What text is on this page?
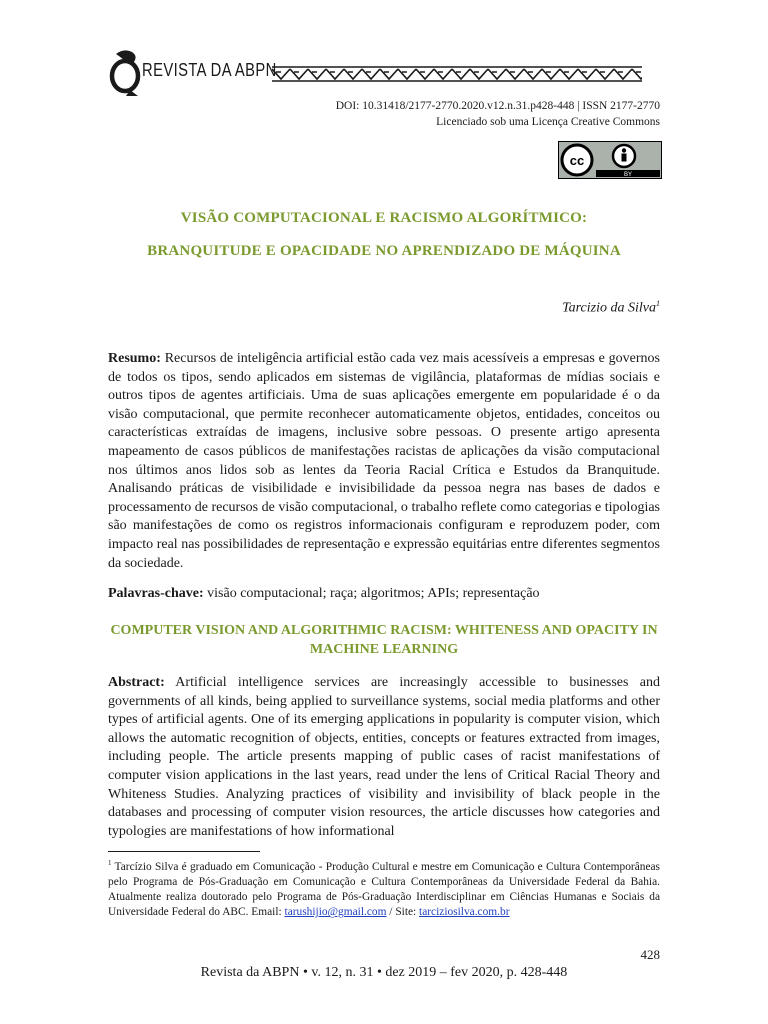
REVISTA DA ABPN
DOI: 10.31418/2177-2770.2020.v12.n.31.p428-448 | ISSN 2177-2770
Licenciado sob uma Licença Creative Commons
cc
BY
VISÃO COMPUTACIONAL E RACISMO ALGORÍTMICO:
BRANQUITUDE E OPACIDADE NO APRENDIZADO DE MÁQUINA
Tarcizio da Silva$^1$
Resumo: Recursos de inteligência artificial estão cada vez mais acessíveis a empresas e governos de todos os tipos, sendo aplicados em sistemas de vigilância, plataformas de mídias sociais e outros tipos de agentes artificiais. Uma de suas aplicações emergente em popularidade é o da visão computacional, que permite reconhecer automaticamente objetos, entidades, conceitos ou características extraídas de imagens, inclusive sobre pessoas. O presente artigo apresenta mapeamento de casos públicos de manifestações racistas de aplicações da visão computacional nos últimos anos lidos sob as lentes da Teoria Racial Crítica e Estudos da Branquitude. Analisando práticas de visibilidade e invisibilidade da pessoa negra nas bases de dados e processamento de recursos de visão computacional, o trabalho reflete como categorias e tipologias são manifestações de como os registros informacionais configuram e reproduzem poder, com impacto real nas possibilidades de representação e expressão equitárias entre diferentes segmentos da sociedade.
Palavras-chave: visão computacional; raça; algoritmos; APIs; representação
COMPUTER VISION AND ALGORITHMIC RACISM: WHITENESS AND OPACITY IN MACHINE LEARNING
Abstract: Artificial intelligence services are increasingly accessible to businesses and governments of all kinds, being applied to surveillance systems, social media platforms and other types of artificial agents. One of its emerging applications in popularity is computer vision, which allows the automatic recognition of objects, entities, concepts or features extracted from images, including people. The article presents mapping of public cases of racist manifestations of computer vision applications in the last years, read under the lens of Critical Racial Theory and Whiteness Studies. Analyzing practices of visibility and invisibility of black people in the databases and processing of computer vision resources, the article discusses how categories and typologies are manifestations of how informational
$^1$ Tarcízio Silva é graduado em Comunicação - Produção Cultural e mestre em Comunicação e Cultura Contemporâneas pelo Programa de Pós-Graduação em Comunicação e Cultura Contemporâneas da Universidade Federal da Bahia. Atualmente realiza doutorado pelo Programa de Pós-Graduação Interdisciplinar em Ciências Humanas e Sociais da Universidade Federal do ABC. Email: tarushijio@gmail.com / Site: tarciziosilva.com.br
428
Revista da ABPN • v. 12, n. 31 • dez 2019 – fev 2020, p. 428-448
